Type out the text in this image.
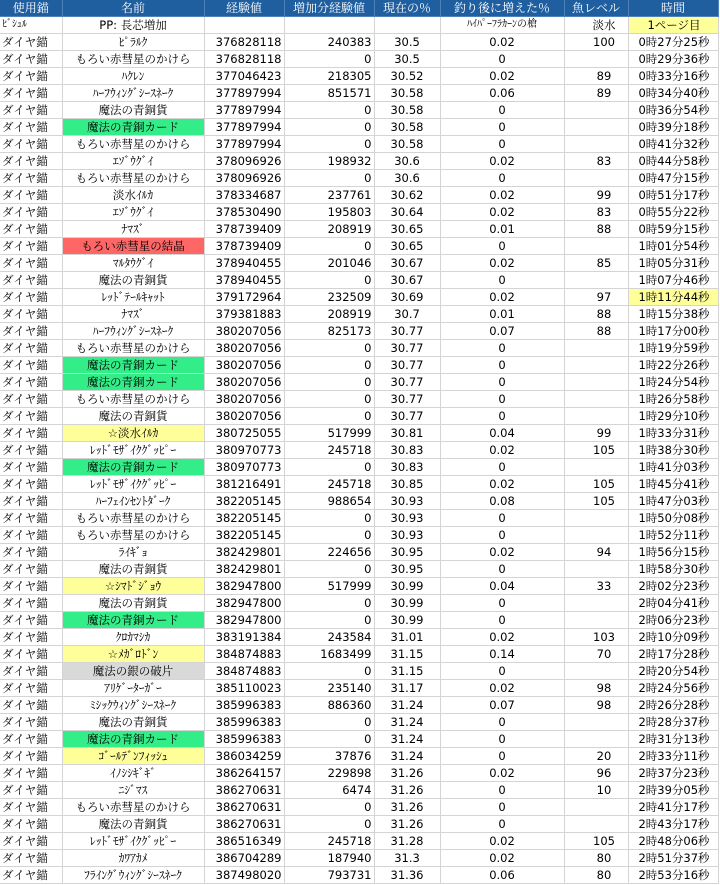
使用錨	名前	経験値	増加分経験値	現在の％	釣り後に増えた％	魚レベル	時間
ﾋﾞｼｭﾙ	PP: 長芯増加				ﾊｲﾊﾟｰﾌﾗｶｰﾝの槍	淡水	1ページ目
ダイヤ錨	ﾋﾟﾗﾙｸ	376828118	240383	30.5	0.02	100	0時27分25秒
ダイヤ錨	もろい赤彗星のかけら	376828118	0	30.5	0		0時29分36秒
ダイヤ錨	ﾊｸﾚﾝ	377046423	218305	30.52	0.02	89	0時33分16秒
ダイヤ錨	ﾊｰﾌｳｨﾝｸﾞｼｰｽﾈｰｸ	377897994	851571	30.58	0.06	89	0時34分40秒
ダイヤ錨	魔法の青銅貨	377897994	0	30.58	0		0時36分54秒
ダイヤ錨	魔法の青銅カード	377897994	0	30.58	0		0時39分18秒
ダイヤ錨	もろい赤彗星のかけら	377897994	0	30.58	0		0時41分32秒
ダイヤ錨	ｴｿﾞｳｸﾞｲ	378096926	198932	30.6	0.02	83	0時44分58秒
ダイヤ錨	もろい赤彗星のかけら	378096926	0	30.6	0		0時47分15秒
ダイヤ錨	淡水ｲﾙｶ	378334687	237761	30.62	0.02	99	0時51分17秒
ダイヤ錨	ｴｿﾞｳｸﾞｲ	378530490	195803	30.64	0.02	83	0時55分22秒
ダイヤ錨	ﾅﾏｽﾞ	378739409	208919	30.65	0.01	88	0時59分15秒
ダイヤ錨	もろい赤彗星の結晶	378739409	0	30.65	0		1時01分54秒
ダイヤ錨	ﾏﾙﾀｳｸﾞｲ	378940455	201046	30.67	0.02	85	1時05分31秒
ダイヤ錨	魔法の青銅貨	378940455	0	30.67	0		1時07分46秒
ダイヤ錨	ﾚｯﾄﾞﾃｰﾙｷｬｯﾄ	379172964	232509	30.69	0.02	97	1時11分44秒
ダイヤ錨	ﾅﾏｽﾞ	379381883	208919	30.7	0.01	88	1時15分38秒
ダイヤ錨	ﾊｰﾌｳｨﾝｸﾞｼｰｽﾈｰｸ	380207056	825173	30.77	0.07	88	1時17分00秒
ダイヤ錨	もろい赤彗星のかけら	380207056	0	30.77	0		1時19分59秒
ダイヤ錨	魔法の青銅カード	380207056	0	30.77	0		1時22分26秒
ダイヤ錨	魔法の青銅カード	380207056	0	30.77	0		1時24分54秒
ダイヤ錨	もろい赤彗星のかけら	380207056	0	30.77	0		1時26分58秒
ダイヤ錨	魔法の青銅貨	380207056	0	30.77	0		1時29分10秒
ダイヤ錨	☆淡水ｲﾙｶ	380725055	517999	30.81	0.04	99	1時33分31秒
ダイヤ錨	ﾚｯﾄﾞﾓｻﾞｲｸｸﾞｯﾋﾟｰ	380970773	245718	30.83	0.02	105	1時38分30秒
ダイヤ錨	魔法の青銅カード	380970773	0	30.83	0		1時41分03秒
ダイヤ錨	ﾚｯﾄﾞﾓｻﾞｲｸｸﾞｯﾋﾟｰ	381216491	245718	30.85	0.02	105	1時45分41秒
ダイヤ錨	ﾊｰﾌｪｲﾝｾﾝﾄﾀﾞｰｸ	382205145	988654	30.93	0.08	105	1時47分03秒
ダイヤ錨	もろい赤彗星のかけら	382205145	0	30.93	0		1時50分08秒
ダイヤ錨	もろい赤彗星のかけら	382205145	0	30.93	0		1時52分11秒
ダイヤ錨	ﾗｲｷﾞｮ	382429801	224656	30.95	0.02	94	1時56分15秒
ダイヤ錨	魔法の青銅貨	382429801	0	30.95	0		1時58分30秒
ダイヤ錨	☆ｼﾏﾄﾞｼﾞｮｳ	382947800	517999	30.99	0.04	33	2時02分23秒
ダイヤ錨	魔法の青銅貨	382947800	0	30.99	0		2時04分41秒
ダイヤ錨	魔法の青銅カード	382947800	0	30.99	0		2時06分23秒
ダイヤ錨	ｸﾛｶﾏｼｶ	383191384	243584	31.01	0.02	103	2時10分09秒
ダイヤ錨	☆ﾒｶﾞﾛﾄﾞﾝ	384874883	1683499	31.15	0.14	70	2時17分28秒
ダイヤ錨	魔法の銀の破片	384874883	0	31.15	0		2時20分54秒
ダイヤ錨	ｱﾘｹﾞｰﾀｰｶﾞｰ	385110023	235140	31.17	0.02	98	2時24分56秒
ダイヤ錨	ﾐｼｯｸｳｨﾝｸﾞｼｰｽﾈｰｸ	385996383	886360	31.24	0.07	98	2時26分28秒
ダイヤ錨	魔法の青銅貨	385996383	0	31.24	0		2時28分37秒
ダイヤ錨	魔法の青銅カード	385996383	0	31.24	0		2時31分13秒
ダイヤ錨	ｺﾞｰﾙﾃﾞﾝﾌｨｯｼｭ	386034259	37876	31.24	0	20	2時33分11秒
ダイヤ錨	ｲﾉｼｼｷﾞｷﾞ	386264157	229898	31.26	0.02	96	2時37分23秒
ダイヤ錨	ﾆｼﾞﾏｽ	386270631	6474	31.26	0	10	2時39分05秒
ダイヤ錨	もろい赤彗星のかけら	386270631	0	31.26	0		2時41分17秒
ダイヤ錨	魔法の青銅貨	386270631	0	31.26	0		2時43分17秒
ダイヤ錨	ﾚｯﾄﾞﾓｻﾞｲｸｸﾞｯﾋﾟｰ	386516349	245718	31.28	0.02	105	2時48分06秒
ダイヤ錨	ｶﾜｱｶﾒ	386704289	187940	31.3	0.02	80	2時51分37秒
ダイヤ錨	ﾌﾗｲﾝｸﾞｳｨﾝｸﾞｼｰｽﾈｰｸ	387498020	793731	31.36	0.06	80	2時53分16秒
